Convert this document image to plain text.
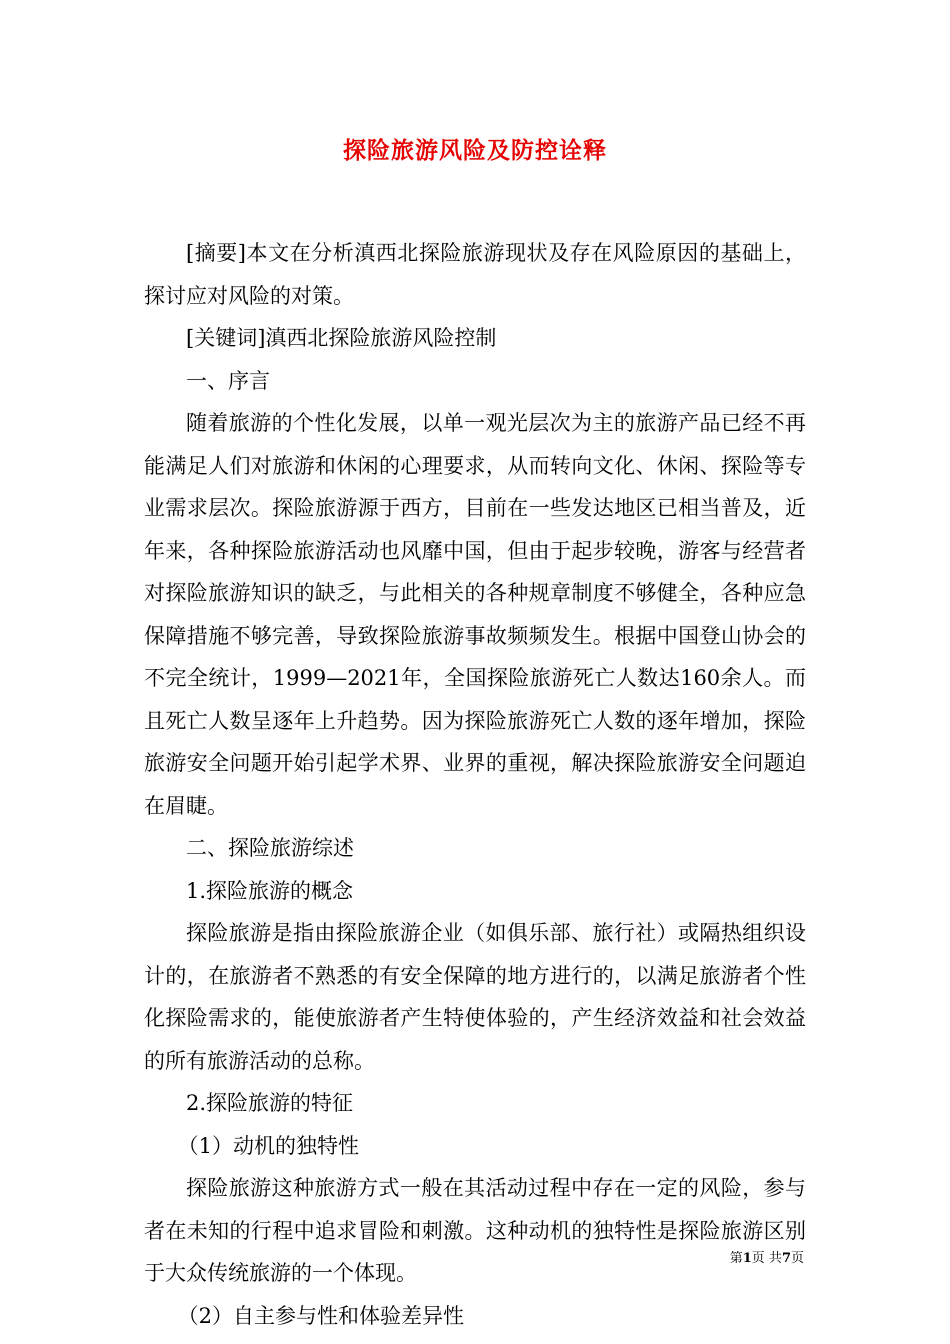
探险旅游风险及防控诠释

[摘要]本文在分析滇西北探险旅游现状及存在风险原因的基础上，探讨应对风险的对策。

[关键词]滇西北探险旅游风险控制

一、序言

随着旅游的个性化发展，以单一观光层次为主的旅游产品已经不再能满足人们对旅游和休闲的心理要求，从而转向文化、休闲、探险等专业需求层次。探险旅游源于西方，目前在一些发达地区已相当普及，近年来，各种探险旅游活动也风靡中国，但由于起步较晚，游客与经营者对探险旅游知识的缺乏，与此相关的各种规章制度不够健全，各种应急保障措施不够完善，导致探险旅游事故频频发生。根据中国登山协会的不完全统计，1999—2021年，全国探险旅游死亡人数达160余人。而且死亡人数呈逐年上升趋势。因为探险旅游死亡人数的逐年增加，探险旅游安全问题开始引起学术界、业界的重视，解决探险旅游安全问题迫在眉睫。

二、探险旅游综述

1.探险旅游的概念

探险旅游是指由探险旅游企业（如俱乐部、旅行社）或隔热组织设计的，在旅游者不熟悉的有安全保障的地方进行的，以满足旅游者个性化探险需求的，能使旅游者产生特使体验的，产生经济效益和社会效益的所有旅游活动的总称。

2.探险旅游的特征

（1）动机的独特性

探险旅游这种旅游方式一般在其活动过程中存在一定的风险，参与者在未知的行程中追求冒险和刺激。这种动机的独特性是探险旅游区别于大众传统旅游的一个体现。

（2）自主参与性和体验差异性

第1页 共7页
